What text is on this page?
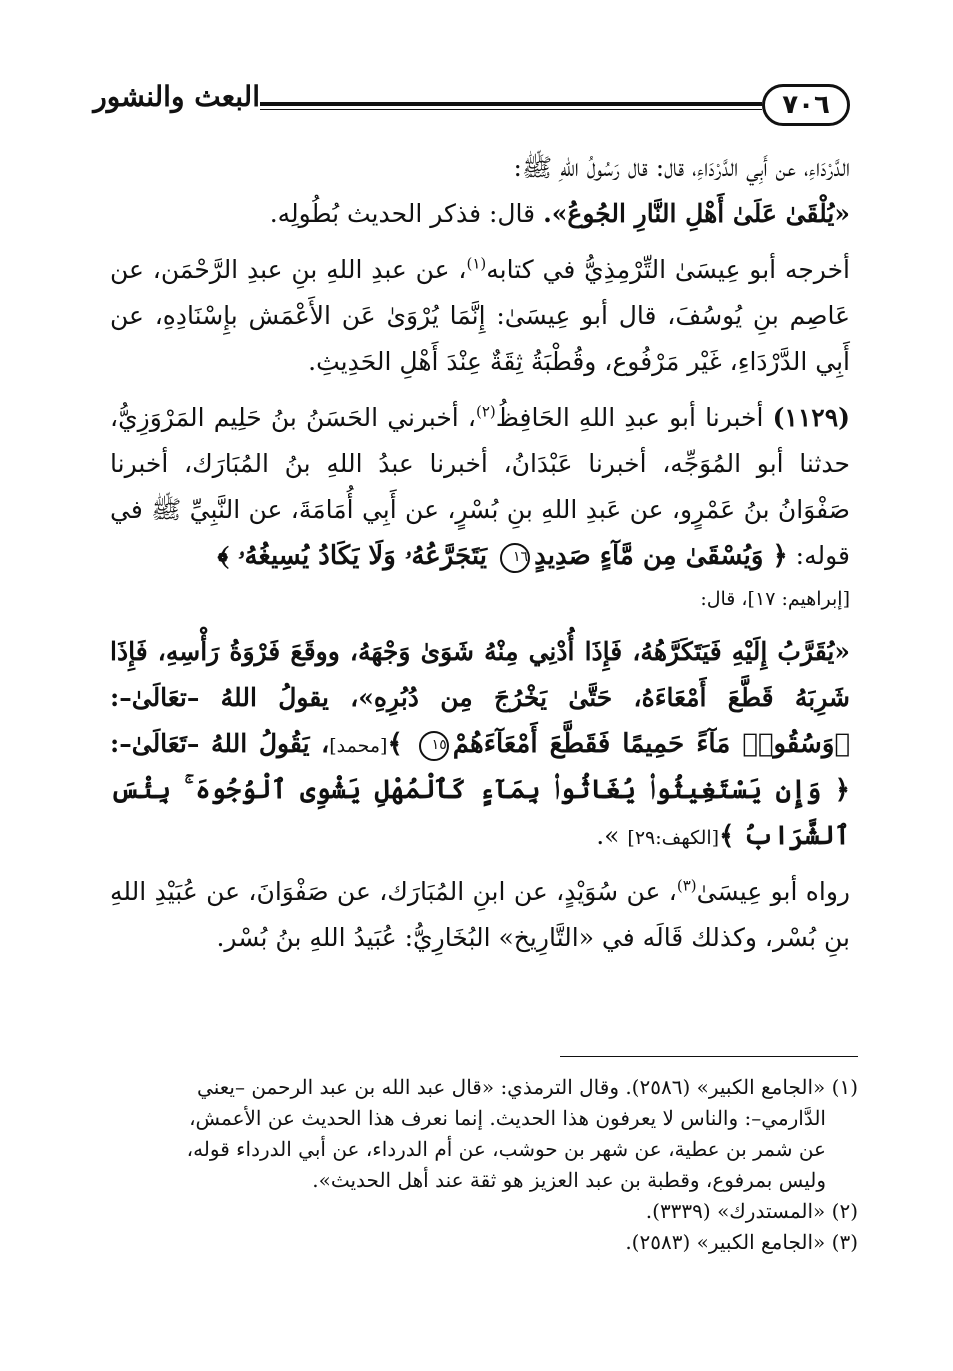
البعث والنشور	٧٠٦

الدَّرْدَاءِ، عن أَبِي الدَّرْدَاءِ، قال: قال رَسُولُ اللهِ ﷺ:

«يُلْقَىٰ عَلَىٰ أَهْلِ النَّارِ الجُوعُ». قال: فذكر الحديث بُطُولِه.

أخرجه أبو عِيسَىٰ التِّرْمِذِيُّ في كتابه$^{(١)}$، عن عبدِ اللهِ بنِ عبدِ الرَّحْمَن، عن عَاصِم بنِ يُوسُفَ، قال أبو عِيسَىٰ: إِنَّمَا يُرْوَىٰ عَن الأَعْمَش بإِسْنَادِهِ، عن أَبِي الدَّرْدَاءِ، غَيْر مَرْفُوع، وقُطْبَةُ ثِقَةٌ عِنْدَ أَهْلِ الحَدِيثِ.

(١١٢٩) أخبرنا أبو عبدِ اللهِ الحَافِظُ$^{(٢)}$، أخبرني الحَسَنُ بنُ حَلِيم المَرْوَزِيُّ، حدثنا أبو المُوَجِّه، أخبرنا عَبْدَانُ، أخبرنا عبدُ اللهِ بنُ المُبَارَك، أخبرنا صَفْوَانُ بنُ عَمْرٍو، عن عَبدِ اللهِ بنِ بُسْرٍ، عن أَبِي أُمَامَةَ، عن النَّبِيِّ ﷺ في قوله: ﴿ وَيُسْقَىٰ مِن مَّآءٍ صَدِيدٍ١٦ يَتَجَرَّعُهُۥ وَلَا يَكَادُ يُسِيغُهُۥ ﴾

[إبراهيم: ١٧]، قال:

«يُقَرَّبُ إِلَيْهِ فَيَتَكَرَّهُهُ، فَإِذَا أُدْنِي مِنْهُ شَوَىٰ وَجْهَهُ، ووقَعَ فَرْوَةُ رَأْسِهِ، فَإِذَا شَرِبَهُ قَطَّعَ أَمْعَاءَهُ، حَتَّىٰ يَخْرُجَ مِن دُبُرِهِ»، يقولُ اللهُ –تعَالَىٰ–: ﴿وَسُقُوا۟ مَآءً حَمِيمًا فَقَطَّعَ أَمْعَآءَهُمْ١٥ ﴾[محمد]، يَقُولُ اللهُ –تَعَالَىٰ–: ﴿ وَإِن يَسْتَغِيثُوا۟ يُغَاثُوا۟ بِمَآءٍ كَٱلْمُهْلِ يَشْوِى ٱلْوُجُوهَ ۚ بِئْسَ ٱلشَّرَابُ ﴾[الكهف:٢٩] ».

رواه أبو عِيسَىٰ$^{(٣)}$، عن سُوَيْدٍ، عن ابنِ المُبَارَك، عن صَفْوَانَ، عن عُبَيْدِ اللهِ بنِ بُسْر، وكذلك قَالَه في «التَّارِيخ» البُخَارِيُّ: عُبَيدُ اللهِ بنُ بُسْر.

(١) «الجامع الكبير» (٢٥٨٦). وقال الترمذي: «قال عبد الله بن عبد الرحمن –يعني

الدَّارمي–: والناس لا يعرفون هذا الحديث. إنما نعرف هذا الحديث عن الأعمش،

عن شمر بن عطية، عن شهر بن حوشب، عن أم الدرداء، عن أبي الدرداء قوله،

وليس بمرفوع، وقطبة بن عبد العزيز هو ثقة عند أهل الحديث».

(٢) «المستدرك» (٣٣٣٩).

(٣) «الجامع الكبير» (٢٥٨٣).
